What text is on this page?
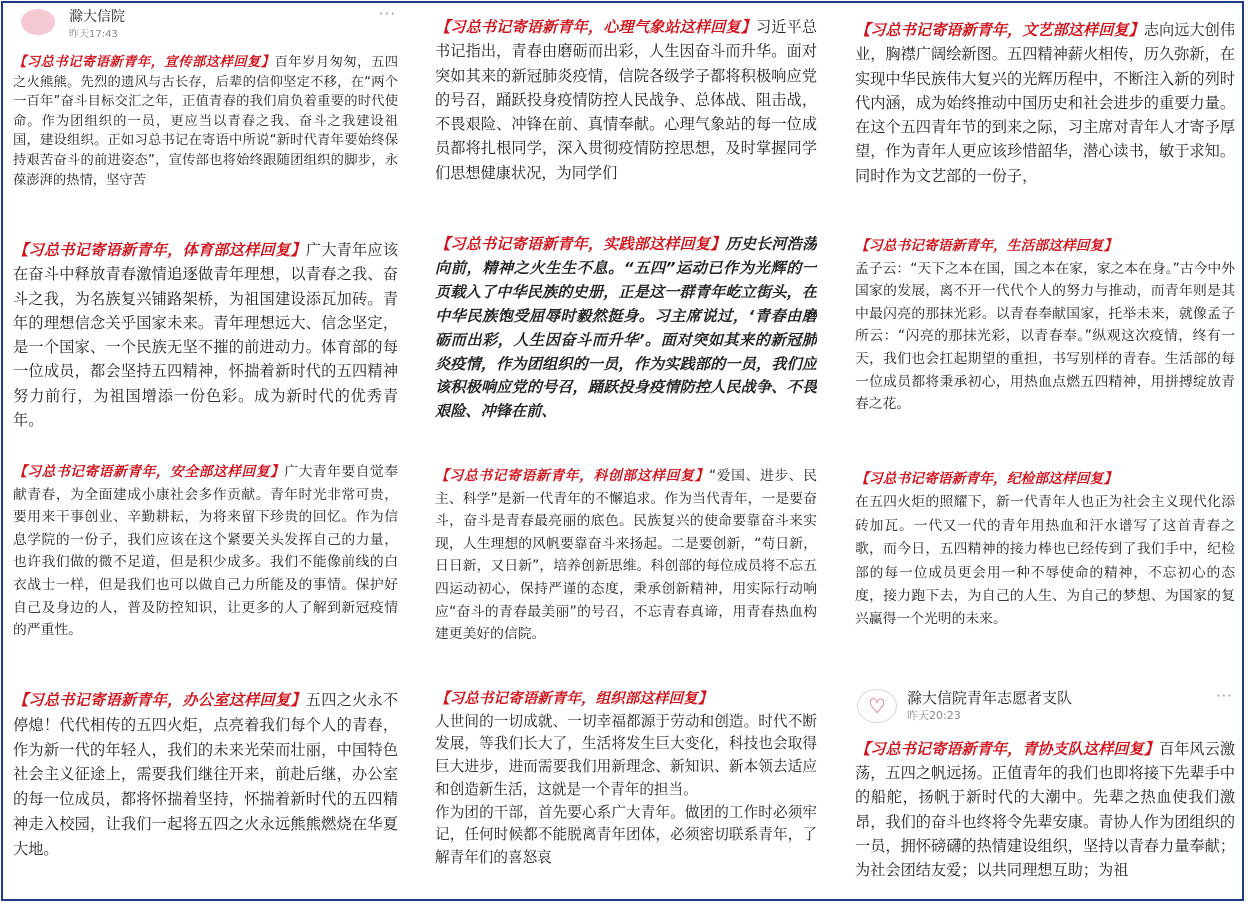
滁大信院
昨天17:43
···

【习总书记寄语新青年，宣传部这样回复】百年岁月匆匆，五四之火熊熊。先烈的遗风与古长存，后辈的信仰坚定不移，在“两个一百年”奋斗目标交汇之年，正值青春的我们肩负着重要的时代使命。作为团组织的一员，更应当以青春之我、奋斗之我建设祖国，建设组织。正如习总书记在寄语中所说“新时代青年要始终保持艰苦奋斗的前进姿态”，宣传部也将始终跟随团组织的脚步，永葆澎湃的热情，坚守苦

【习总书记寄语新青年，体育部这样回复】广大青年应该在奋斗中释放青春激情追逐做青年理想，以青春之我、奋斗之我，为名族复兴铺路架桥，为祖国建设添瓦加砖。青年的理想信念关乎国家未来。青年理想远大、信念坚定，是一个国家、一个民族无坚不摧的前进动力。体育部的每一位成员，都会坚持五四精神，怀揣着新时代的五四精神努力前行，为祖国增添一份色彩。成为新时代的优秀青年。

【习总书记寄语新青年，安全部这样回复】广大青年要自觉奉献青春，为全面建成小康社会多作贡献。青年时光非常可贵，要用来干事创业、辛勤耕耘，为将来留下珍贵的回忆。作为信息学院的一份子，我们应该在这个紧要关头发挥自己的力量，也许我们做的微不足道，但是积少成多。我们不能像前线的白衣战士一样，但是我们也可以做自己力所能及的事情。保护好自己及身边的人，普及防控知识，让更多的人了解到新冠疫情的严重性。

【习总书记寄语新青年，办公室这样回复】五四之火永不停熄！代代相传的五四火炬，点亮着我们每个人的青春，作为新一代的年轻人，我们的未来光荣而壮丽，中国特色社会主义征途上，需要我们继往开来，前赴后继，办公室的每一位成员，都将怀揣着坚持，怀揣着新时代的五四精神走入校园，让我们一起将五四之火永远熊熊燃烧在华夏大地。

【习总书记寄语新青年，心理气象站这样回复】习近平总书记指出，青春由磨砺而出彩，人生因奋斗而升华。面对突如其来的新冠肺炎疫情，信院各级学子都将积极响应党的号召，踊跃投身疫情防控人民战争、总体战、阻击战，不畏艰险、冲锋在前、真情奉献。心理气象站的每一位成员都将扎根同学，深入贯彻疫情防控思想，及时掌握同学们思想健康状况，为同学们

【习总书记寄语新青年，实践部这样回复】历史长河浩荡向前，精神之火生生不息。“五四”运动已作为光辉的一页载入了中华民族的史册，正是这一群青年屹立街头，在中华民族饱受屈辱时毅然挺身。习主席说过，‘青春由磨砺而出彩，人生因奋斗而升华’。面对突如其来的新冠肺炎疫情，作为团组织的一员，作为实践部的一员，我们应该积极响应党的号召，踊跃投身疫情防控人民战争、不畏艰险、冲锋在前、

【习总书记寄语新青年，科创部这样回复】“爱国、进步、民主、科学”是新一代青年的不懈追求。作为当代青年，一是要奋斗，奋斗是青春最亮丽的底色。民族复兴的使命要靠奋斗来实现，人生理想的风帆要靠奋斗来扬起。二是要创新，“苟日新，日日新，又日新”，培养创新思维。科创部的每位成员将不忘五四运动初心，保持严谨的态度，秉承创新精神，用实际行动响应“奋斗的青春最美丽”的号召，不忘青春真谛，用青春热血构建更美好的信院。

【习总书记寄语新青年，组织部这样回复】
人世间的一切成就、一切幸福都源于劳动和创造。时代不断发展，等我们长大了，生活将发生巨大变化，科技也会取得巨大进步，进而需要我们用新理念、新知识、新本领去适应和创造新生活，这就是一个青年的担当。

作为团的干部，首先要心系广大青年。做团的工作时必须牢记，任何时候都不能脱离青年团体，必须密切联系青年，了解青年们的喜怒哀

【习总书记寄语新青年，文艺部这样回复】志向远大创伟业，胸襟广阔绘新图。五四精神薪火相传，历久弥新，在实现中华民族伟大复兴的光辉历程中，不断注入新的列时代内涵，成为始终推动中国历史和社会进步的重要力量。在这个五四青年节的到来之际，习主席对青年人才寄予厚望，作为青年人更应该珍惜韶华，潜心读书，敏于求知。同时作为文艺部的一份子，

【习总书记寄语新青年，生活部这样回复】
孟子云：“天下之本在国，国之本在家，家之本在身。”古今中外国家的发展，离不开一代代个人的努力与推动，而青年则是其中最闪亮的那抹光彩。以青春奉献国家，托举未来，就像孟子所云：“闪亮的那抹光彩，以青春奉。”纵观这次疫情，终有一天，我们也会扛起期望的重担，书写别样的青春。生活部的每一位成员都将秉承初心，用热血点燃五四精神，用拼搏绽放青春之花。

【习总书记寄语新青年，纪检部这样回复】
在五四火炬的照耀下，新一代青年人也正为社会主义现代化添砖加瓦。一代又一代的青年用热血和汗水谱写了这首青春之歌，而今日，五四精神的接力棒也已经传到了我们手中，纪检部的每一位成员更会用一种不辱使命的精神，不忘初心的态度，接力跑下去，为自己的人生、为自己的梦想、为国家的复兴赢得一个光明的未来。

♡	滁大信院青年志愿者支队
昨天20:23
···

【习总书记寄语新青年，青协支队这样回复】百年风云激荡，五四之帆远扬。正值青年的我们也即将接下先辈手中的船舵，扬帆于新时代的大潮中。先辈之热血使我们激昂，我们的奋斗也终将令先辈安康。青协人作为团组织的一员，拥怀磅礴的热情建设组织，坚持以青春力量奉献；为社会团结友爱；以共同理想互助；为祖
